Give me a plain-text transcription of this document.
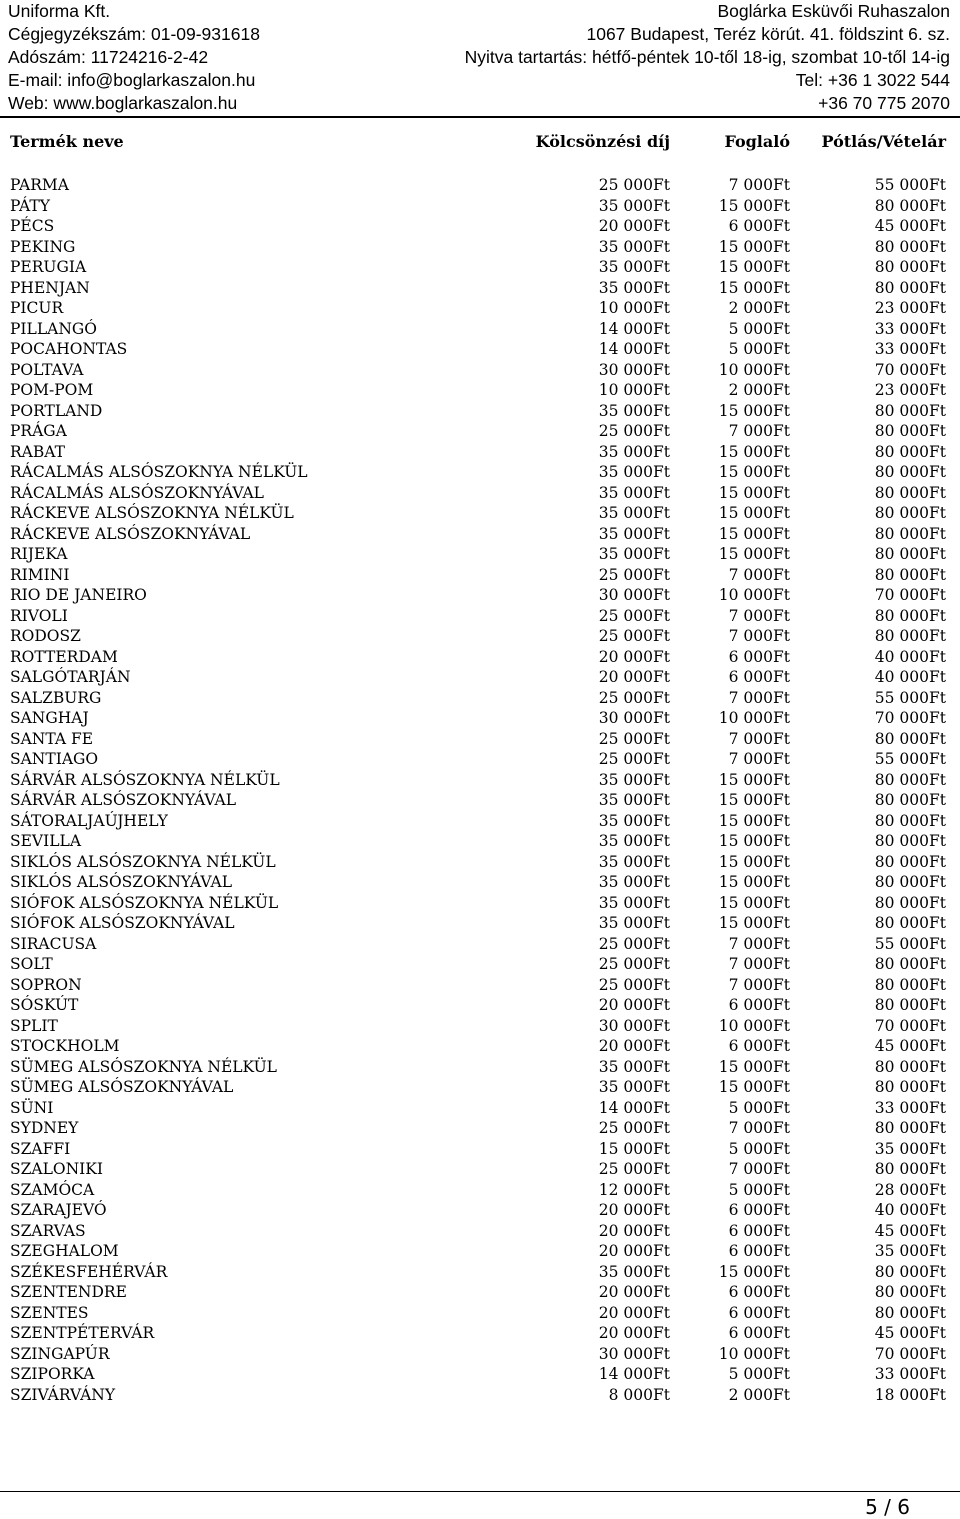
Uniforma Kft.
Cégjegyzékszám: 01-09-931618
Adószám: 11724216-2-42
E-mail: info@boglarkaszalon.hu
Web: www.boglarkaszalon.hu
Boglárka Esküvői Ruhaszalon
1067 Budapest, Teréz körút. 41. földszint 6. sz.
Nyitva tartartás: hétfő-péntek 10-től 18-ig, szombat 10-től 14-ig
Tel: +36 1 3022 544
+36 70 775 2070
Termék neve	Kölcsönzési díj	Foglaló Pótlás/Vételár
PARMA	25 000Ft	7 000Ft	55 000Ft
PÁTY	35 000Ft	15 000Ft	80 000Ft
PÉCS	20 000Ft	6 000Ft	45 000Ft
PEKING	35 000Ft	15 000Ft	80 000Ft
PERUGIA	35 000Ft	15 000Ft	80 000Ft
PHENJAN	35 000Ft	15 000Ft	80 000Ft
PICUR	10 000Ft	2 000Ft	23 000Ft
PILLANGÓ	14 000Ft	5 000Ft	33 000Ft
POCAHONTAS	14 000Ft	5 000Ft	33 000Ft
POLTAVA	30 000Ft	10 000Ft	70 000Ft
POM-POM	10 000Ft	2 000Ft	23 000Ft
PORTLAND	35 000Ft	15 000Ft	80 000Ft
PRÁGA	25 000Ft	7 000Ft	80 000Ft
RABAT	35 000Ft	15 000Ft	80 000Ft
RÁCALMÁS ALSÓSZOKNYA NÉLKÜL	35 000Ft	15 000Ft	80 000Ft
RÁCALMÁS ALSÓSZOKNYÁVAL	35 000Ft	15 000Ft	80 000Ft
RÁCKEVE ALSÓSZOKNYA NÉLKÜL	35 000Ft	15 000Ft	80 000Ft
RÁCKEVE ALSÓSZOKNYÁVAL	35 000Ft	15 000Ft	80 000Ft
RIJEKA	35 000Ft	15 000Ft	80 000Ft
RIMINI	25 000Ft	7 000Ft	80 000Ft
RIO DE JANEIRO	30 000Ft	10 000Ft	70 000Ft
RIVOLI	25 000Ft	7 000Ft	80 000Ft
RODOSZ	25 000Ft	7 000Ft	80 000Ft
ROTTERDAM	20 000Ft	6 000Ft	40 000Ft
SALGÓTARJÁN	20 000Ft	6 000Ft	40 000Ft
SALZBURG	25 000Ft	7 000Ft	55 000Ft
SANGHAJ	30 000Ft	10 000Ft	70 000Ft
SANTA FE	25 000Ft	7 000Ft	80 000Ft
SANTIAGO	25 000Ft	7 000Ft	55 000Ft
SÁRVÁR ALSÓSZOKNYA NÉLKÜL	35 000Ft	15 000Ft	80 000Ft
SÁRVÁR ALSÓSZOKNYÁVAL	35 000Ft	15 000Ft	80 000Ft
SÁTORALJAÚJHELY	35 000Ft	15 000Ft	80 000Ft
SEVILLA	35 000Ft	15 000Ft	80 000Ft
SIKLÓS ALSÓSZOKNYA NÉLKÜL	35 000Ft	15 000Ft	80 000Ft
SIKLÓS ALSÓSZOKNYÁVAL	35 000Ft	15 000Ft	80 000Ft
SIÓFOK ALSÓSZOKNYA NÉLKÜL	35 000Ft	15 000Ft	80 000Ft
SIÓFOK ALSÓSZOKNYÁVAL	35 000Ft	15 000Ft	80 000Ft
SIRACUSA	25 000Ft	7 000Ft	55 000Ft
SOLT	25 000Ft	7 000Ft	80 000Ft
SOPRON	25 000Ft	7 000Ft	80 000Ft
SÓSKÚT	20 000Ft	6 000Ft	80 000Ft
SPLIT	30 000Ft	10 000Ft	70 000Ft
STOCKHOLM	20 000Ft	6 000Ft	45 000Ft
SÜMEG ALSÓSZOKNYA NÉLKÜL	35 000Ft	15 000Ft	80 000Ft
SÜMEG ALSÓSZOKNYÁVAL	35 000Ft	15 000Ft	80 000Ft
SÜNI	14 000Ft	5 000Ft	33 000Ft
SYDNEY	25 000Ft	7 000Ft	80 000Ft
SZAFFI	15 000Ft	5 000Ft	35 000Ft
SZALONIKI	25 000Ft	7 000Ft	80 000Ft
SZAMÓCA	12 000Ft	5 000Ft	28 000Ft
SZARAJEVÓ	20 000Ft	6 000Ft	40 000Ft
SZARVAS	20 000Ft	6 000Ft	45 000Ft
SZEGHALOM	20 000Ft	6 000Ft	35 000Ft
SZÉKESFEHÉRVÁR	35 000Ft	15 000Ft	80 000Ft
SZENTENDRE	20 000Ft	6 000Ft	80 000Ft
SZENTES	20 000Ft	6 000Ft	80 000Ft
SZENTPÉTERVÁR	20 000Ft	6 000Ft	45 000Ft
SZINGAPÚR	30 000Ft	10 000Ft	70 000Ft
SZIPORKA	14 000Ft	5 000Ft	33 000Ft
SZIVÁRVÁNY	8 000Ft	2 000Ft	18 000Ft
5 / 6
